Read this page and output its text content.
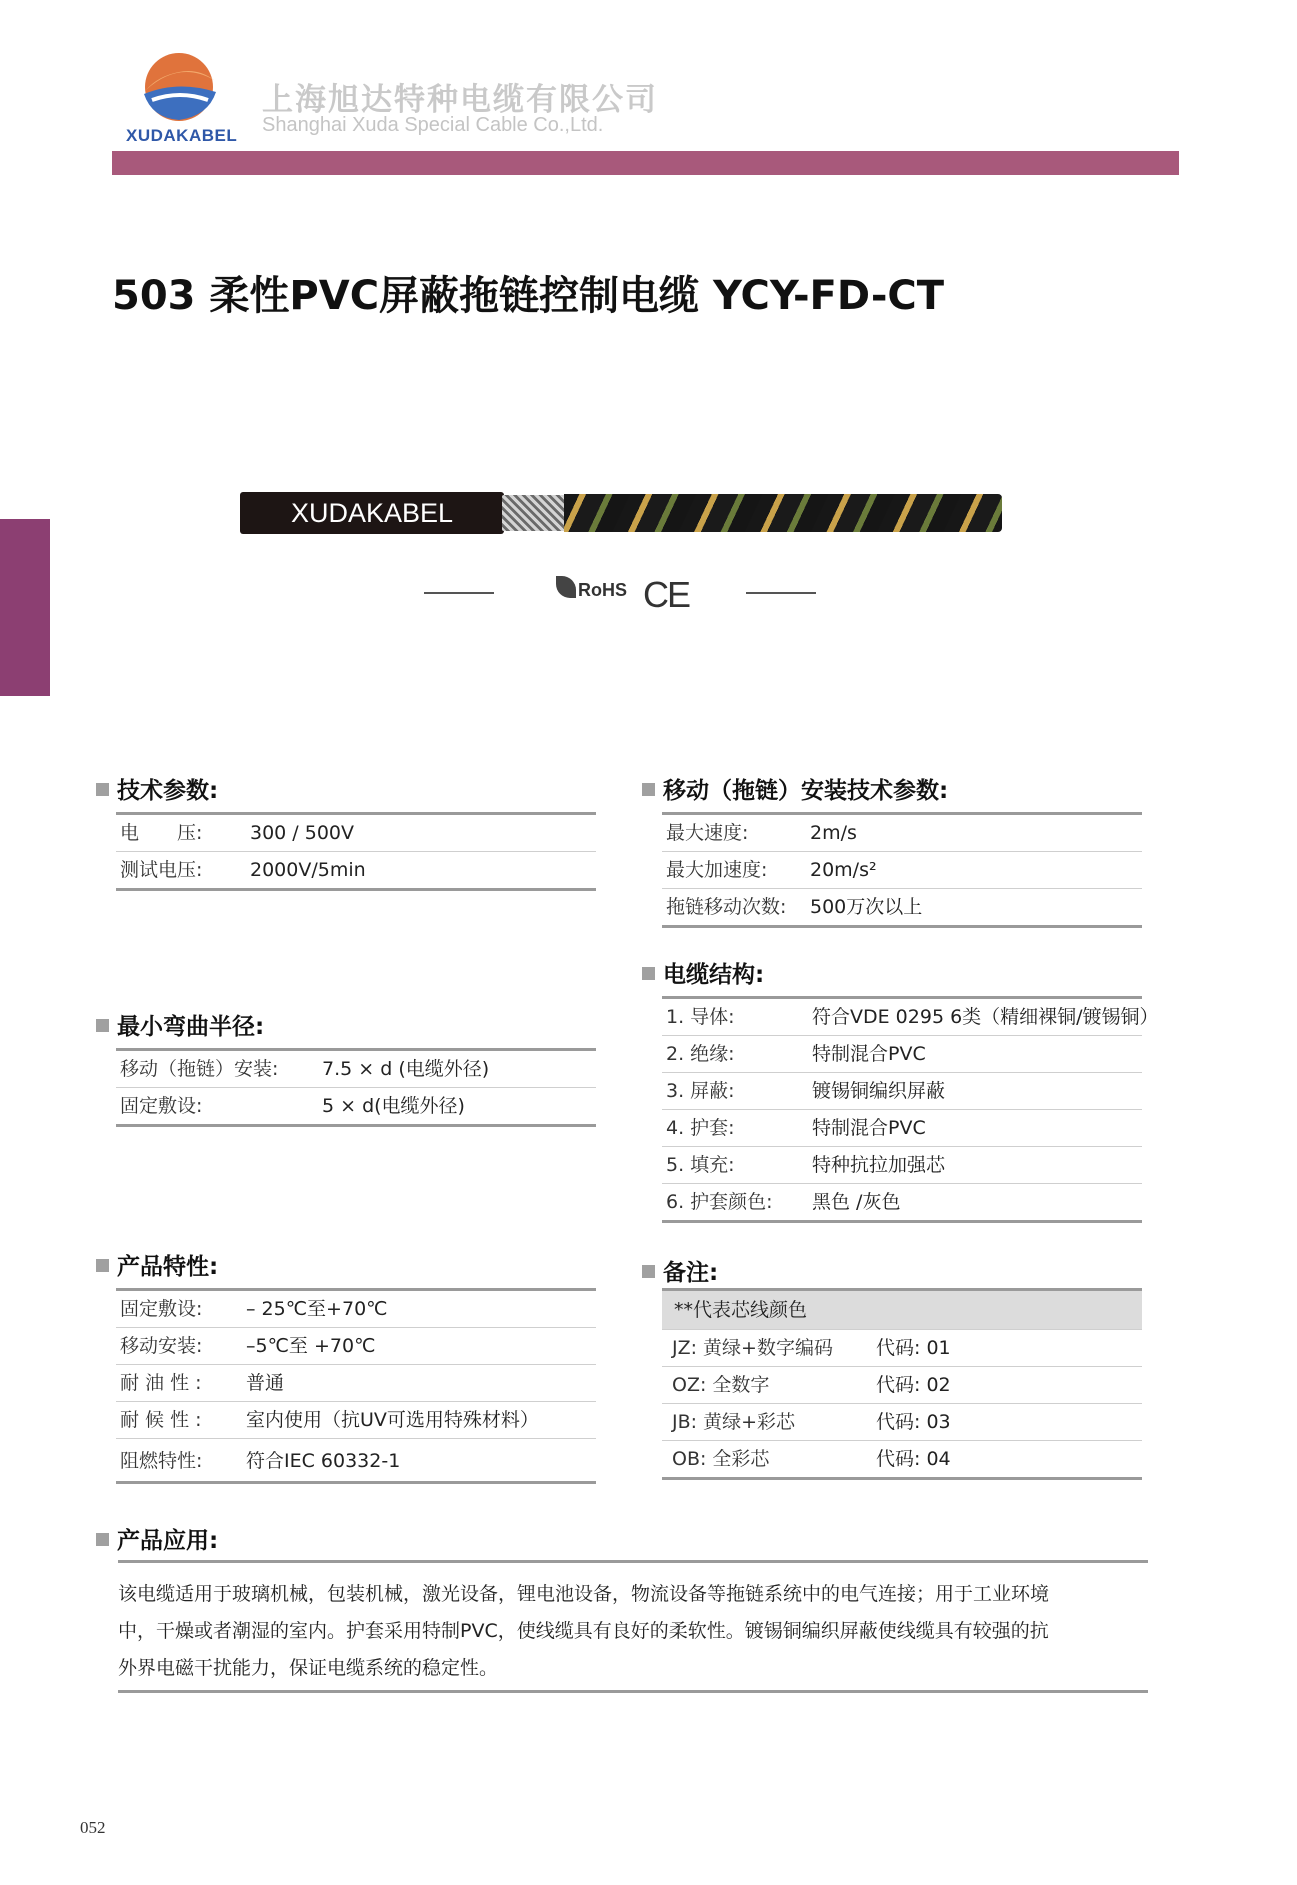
XUDAKABEL
上海旭达特种电缆有限公司
Shanghai Xuda Special Cable Co.,Ltd.
503 柔性PVC屏蔽拖链控制电缆 YCY-FD-CT
XUDAKABEL
RoHS CE
技术参数:
电　　压:	300 / 500V
测试电压:	2000V/5min
移动（拖链）安装技术参数:
最大速度:	2m/s
最大加速度: 20m/s²
拖链移动次数: 500万次以上
电缆结构:
1. 导体:	符合VDE 0295 6类（精细裸铜/镀锡铜）
2. 绝缘:	特制混合PVC
3. 屏蔽:	镀锡铜编织屏蔽
4. 护套:	特制混合PVC
5. 填充:	特种抗拉加强芯
6. 护套颜色: 黑色 /灰色
最小弯曲半径:
移动（拖链）安装: 7.5 × d (电缆外径)
固定敷设:	5 × d(电缆外径)
产品特性:
固定敷设: – 25℃至+70℃
移动安装: –5℃至 +70℃
耐 油 性 : 普通
耐 候 性 : 室内使用（抗UV可选用特殊材料）
阻燃特性: 符合IEC 60332-1
备注:
**代表芯线颜色
JZ: 黄绿+数字编码 代码: 01
OZ: 全数字	代码: 02
JB: 黄绿+彩芯	代码: 03
OB: 全彩芯	代码: 04
产品应用:
该电缆适用于玻璃机械，包装机械，激光设备，锂电池设备，物流设备等拖链系统中的电气连接；用于工业环境
中，干燥或者潮湿的室内。护套采用特制PVC，使线缆具有良好的柔软性。镀锡铜编织屏蔽使线缆具有较强的抗
外界电磁干扰能力，保证电缆系统的稳定性。
052
